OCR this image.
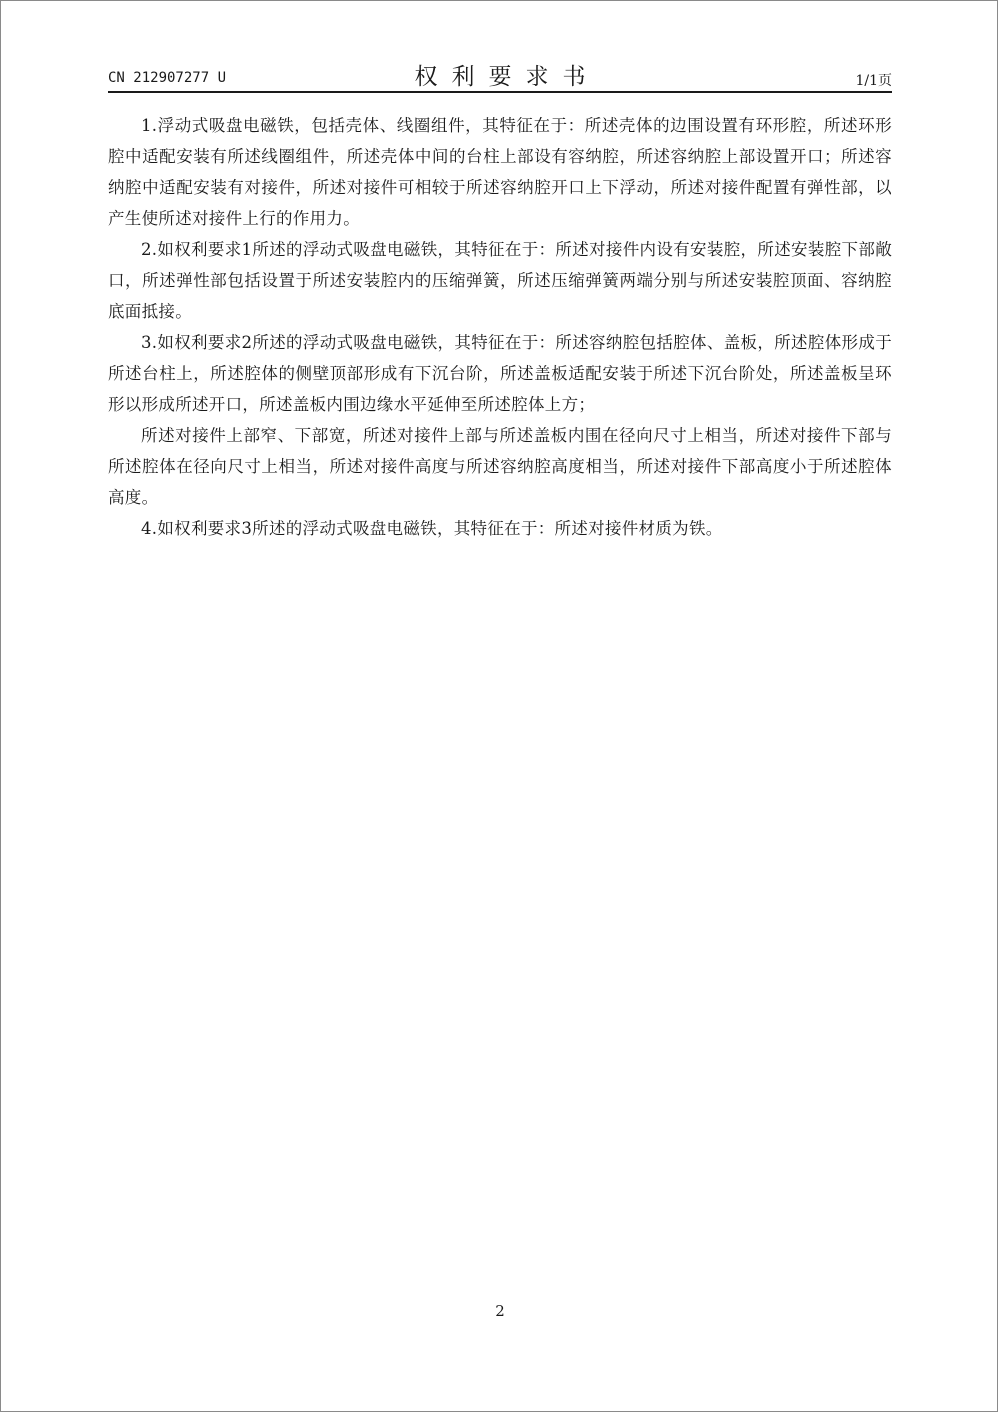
CN 212907277 U	权利要求书	1/1页

1.浮动式吸盘电磁铁，包括壳体、线圈组件，其特征在于：所述壳体的边围设置有环形腔，所述环形腔中适配安装有所述线圈组件，所述壳体中间的台柱上部设有容纳腔，所述容纳腔上部设置开口；所述容纳腔中适配安装有对接件，所述对接件可相较于所述容纳腔开口上下浮动，所述对接件配置有弹性部，以产生使所述对接件上行的作用力。

2.如权利要求1所述的浮动式吸盘电磁铁，其特征在于：所述对接件内设有安装腔，所述安装腔下部敞口，所述弹性部包括设置于所述安装腔内的压缩弹簧，所述压缩弹簧两端分别与所述安装腔顶面、容纳腔底面抵接。

3.如权利要求2所述的浮动式吸盘电磁铁，其特征在于：所述容纳腔包括腔体、盖板，所述腔体形成于所述台柱上，所述腔体的侧壁顶部形成有下沉台阶，所述盖板适配安装于所述下沉台阶处，所述盖板呈环形以形成所述开口，所述盖板内围边缘水平延伸至所述腔体上方；

所述对接件上部窄、下部宽，所述对接件上部与所述盖板内围在径向尺寸上相当，所述对接件下部与所述腔体在径向尺寸上相当，所述对接件高度与所述容纳腔高度相当，所述对接件下部高度小于所述腔体高度。

4.如权利要求3所述的浮动式吸盘电磁铁，其特征在于：所述对接件材质为铁。

2
